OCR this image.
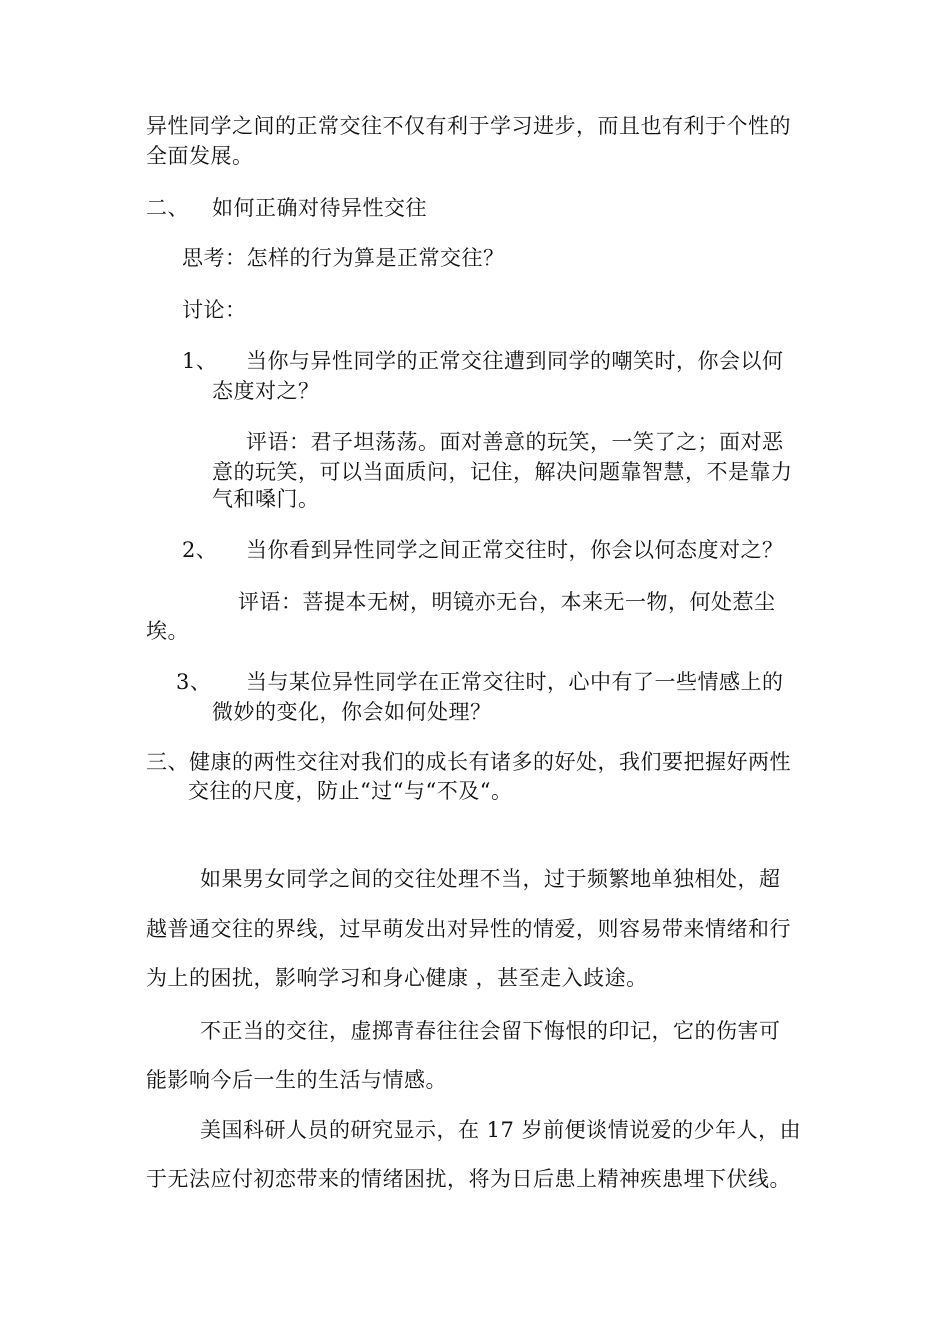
异性同学之间的正常交往不仅有利于学习进步，而且也有利于个性的
全面发展。
二、 如何正确对待异性交往
思考：怎样的行为算是正常交往？
讨论：
1、 当你与异性同学的正常交往遭到同学的嘲笑时，你会以何
态度对之？
评语：君子坦荡荡。面对善意的玩笑，一笑了之；面对恶
意的玩笑，可以当面质问，记住，解决问题靠智慧，不是靠力
气和嗓门。
2、 当你看到异性同学之间正常交往时，你会以何态度对之？
评语：菩提本无树，明镜亦无台，本来无一物，何处惹尘
埃。
3、 当与某位异性同学在正常交往时，心中有了一些情感上的
微妙的变化，你会如何处理？
三、健康的两性交往对我们的成长有诸多的好处，我们要把握好两性
交往的尺度，防止“过“与“不及“。
如果男女同学之间的交往处理不当，过于频繁地单独相处，超
越普通交往的界线，过早萌发出对异性的情爱，则容易带来情绪和行
为上的困扰，影响学习和身心健康 ，甚至走入歧途。
不正当的交往，虚掷青春往往会留下悔恨的印记，它的伤害可
能影响今后一生的生活与情感。
美国科研人员的研究显示，在 17 岁前便谈情说爱的少年人，由
于无法应付初恋带来的情绪困扰，将为日后患上精神疾患埋下伏线。
